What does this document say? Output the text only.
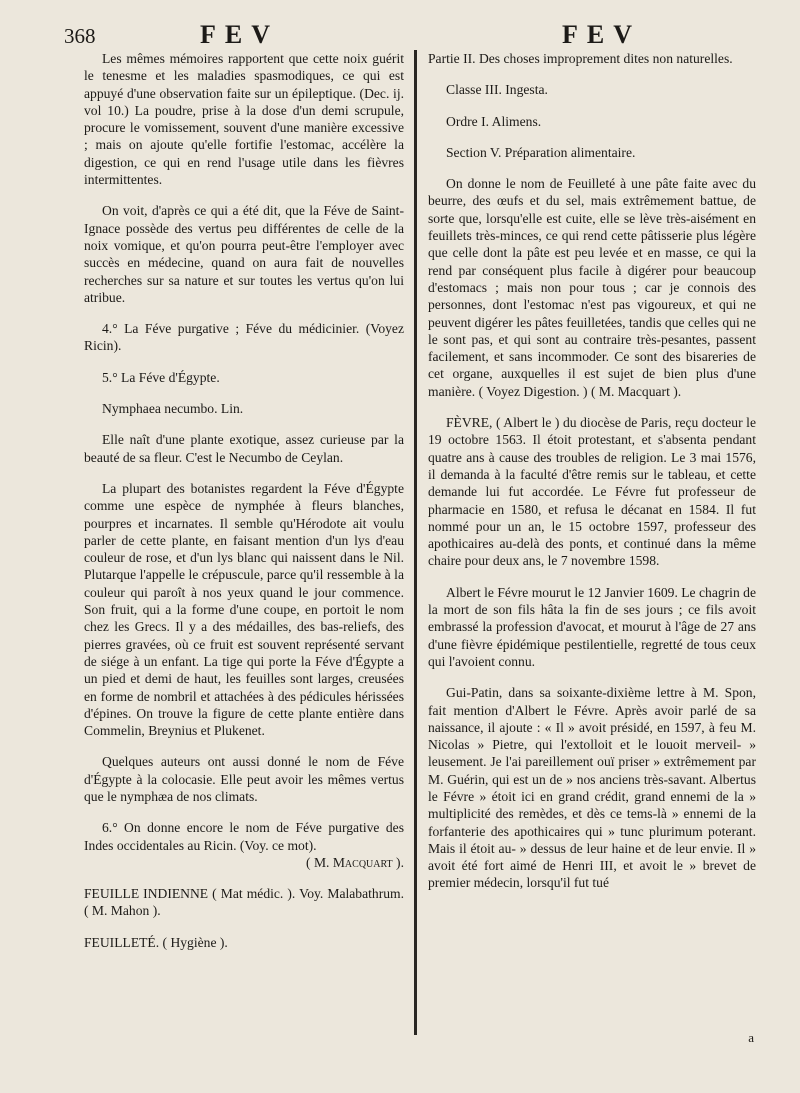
368	FEV	FEV

Les mêmes mémoires rapportent que cette noix guérit le tenesme et les maladies spasmodiques, ce qui est appuyé d'une observation faite sur un épileptique. (Dec. ij. vol 10.) La poudre, prise à la dose d'un demi scrupule, procure le vomissement, souvent d'une manière excessive ; mais on ajoute qu'elle fortifie l'estomac, accélère la digestion, ce qui en rend l'usage utile dans les fièvres intermittentes.

On voit, d'après ce qui a été dit, que la Féve de Saint-Ignace possède des vertus peu différentes de celle de la noix vomique, et qu'on pourra peut-être l'employer avec succès en médecine, quand on aura fait de nouvelles recherches sur sa nature et sur toutes les vertus qu'on lui atribue.

4.° La Féve purgative ; Féve du médicinier. (Voyez Ricin).

5.° La Féve d'Égypte.

Nymphaea necumbo. Lin.

Elle naît d'une plante exotique, assez curieuse par la beauté de sa fleur. C'est le Necumbo de Ceylan.

La plupart des botanistes regardent la Féve d'Égypte comme une espèce de nymphée à fleurs blanches, pourpres et incarnates. Il semble qu'Hérodote ait voulu parler de cette plante, en faisant mention d'un lys d'eau couleur de rose, et d'un lys blanc qui naissent dans le Nil. Plutarque l'appelle le crépuscule, parce qu'il ressemble à la couleur qui paroît à nos yeux quand le jour commence. Son fruit, qui a la forme d'une coupe, en portoit le nom chez les Grecs. Il y a des médailles, des bas-reliefs, des pierres gravées, où ce fruit est souvent représenté servant de siége à un enfant. La tige qui porte la Féve d'Égypte a un pied et demi de haut, les feuilles sont larges, creusées en forme de nombril et attachées à des pédicules hérissées d'épines. On trouve la figure de cette plante entière dans Commelin, Breynius et Plukenet.

Quelques auteurs ont aussi donné le nom de Féve d'Égypte à la colocasie. Elle peut avoir les mêmes vertus que le nymphæa de nos climats.

6.° On donne encore le nom de Féve purgative des Indes occidentales au Ricin. (Voy. ce mot).

( M. Macquart ).

FEUILLE INDIENNE ( Mat médic. ). Voy. Malabathrum. ( M. Mahon ).

FEUILLETÉ. ( Hygiène ).

Partie II. Des choses improprement dites non naturelles.

Classe III. Ingesta.

Ordre I. Alimens.

Section V. Préparation alimentaire.

On donne le nom de Feuilleté à une pâte faite avec du beurre, des œufs et du sel, mais extrêmement battue, de sorte que, lorsqu'elle est cuite, elle se lève très-aisément en feuillets très-minces, ce qui rend cette pâtisserie plus légère que celle dont la pâte est peu levée et en masse, ce qui la rend par conséquent plus facile à digérer pour beaucoup d'estomacs ; mais non pour tous ; car je connois des personnes, dont l'estomac n'est pas vigoureux, et qui ne peuvent digérer les pâtes feuilletées, tandis que celles qui ne le sont pas, et qui sont au contraire très-pesantes, passent facilement, et sans incommoder. Ce sont des bisareries de cet organe, auxquelles il est sujet de bien plus d'une manière. ( Voyez Digestion. ) ( M. Macquart ).

FÈVRE, ( Albert le ) du diocèse de Paris, reçu docteur le 19 octobre 1563. Il étoit protestant, et s'absenta pendant quatre ans à cause des troubles de religion. Le 3 mai 1576, il demanda à la faculté d'être remis sur le tableau, et cette demande lui fut accordée. Le Févre fut professeur de pharmacie en 1580, et refusa le décanat en 1584. Il fut nommé pour un an, le 15 octobre 1597, professeur des apothicaires au-delà des ponts, et continué dans la même chaire pour deux ans, le 7 novembre 1598.

Albert le Févre mourut le 12 Janvier 1609. Le chagrin de la mort de son fils hâta la fin de ses jours ; ce fils avoit embrassé la profession d'avocat, et mourut à l'âge de 27 ans d'une fièvre épidémique pestilentielle, regretté de tous ceux qui l'avoient connu.

Gui-Patin, dans sa soixante-dixième lettre à M. Spon, fait mention d'Albert le Févre. Après avoir parlé de sa naissance, il ajoute : « Il » avoit présidé, en 1597, à feu M. Nicolas » Pietre, qui l'extolloit et le louoit merveil- » leusement. Je l'ai pareillement ouï priser » extrêmement par M. Guérin, qui est un de » nos anciens très-savant. Albertus le Févre » étoit ici en grand crédit, grand ennemi de la » multiplicité des remèdes, et dès ce tems-là » ennemi de la forfanterie des apothicaires qui » tunc plurimum poterant. Mais il étoit au- » dessus de leur haine et de leur envie. Il » avoit été fort aimé de Henri III, et avoit le » brevet de premier médecin, lorsqu'il fut tué

a
